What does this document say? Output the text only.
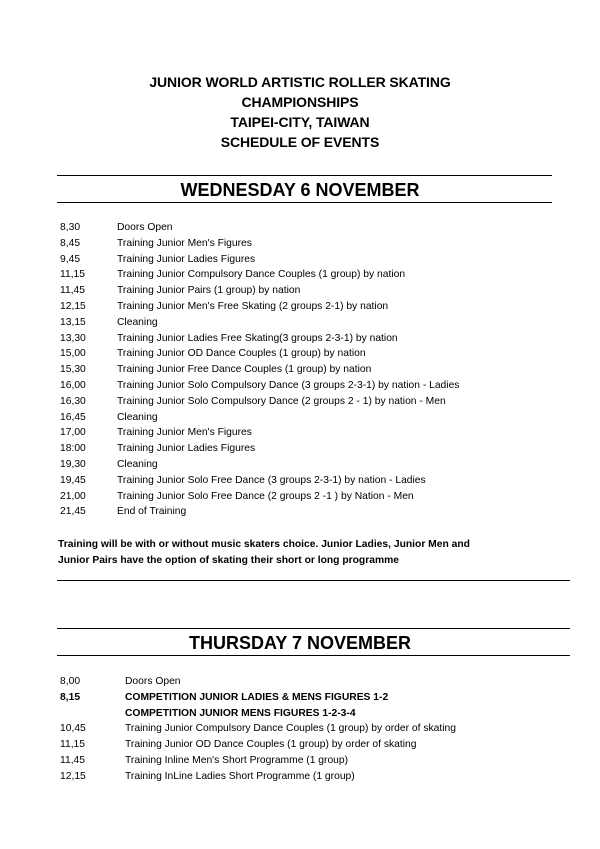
JUNIOR WORLD ARTISTIC ROLLER SKATING
CHAMPIONSHIPS
TAIPEI-CITY, TAIWAN
SCHEDULE OF EVENTS
WEDNESDAY 6 NOVEMBER
8,30	Doors Open
8,45	Training Junior Men's Figures
9,45	Training Junior Ladies Figures
11,15	Training Junior Compulsory Dance Couples (1 group) by nation
11,45	Training Junior Pairs (1 group) by nation
12,15	Training Junior Men's Free Skating (2 groups 2-1) by nation
13,15	Cleaning
13,30	Training Junior Ladies Free Skating(3 groups 2-3-1) by nation
15,00	Training Junior OD Dance Couples (1 group) by nation
15,30	Training Junior Free Dance Couples (1 group) by nation
16,00	Training Junior Solo Compulsory Dance (3 groups 2-3-1) by nation - Ladies
16,30	Training Junior Solo Compulsory Dance (2 groups 2 - 1) by nation - Men
16,45	Cleaning
17,00	Training Junior Men's Figures
18:00	Training Junior Ladies Figures
19,30	Cleaning
19,45	Training Junior Solo Free Dance (3 groups 2-3-1) by nation - Ladies
21,00	Training Junior Solo Free Dance (2 groups 2 -1 ) by Nation - Men
21,45	End of Training
Training will be with or without music skaters choice. Junior Ladies, Junior Men and
Junior Pairs have the option of skating their short or long programme
THURSDAY 7 NOVEMBER
8,00	Doors Open
8,15	COMPETITION JUNIOR LADIES & MENS FIGURES 1-2
COMPETITION JUNIOR MENS FIGURES 1-2-3-4
10,45	Training Junior Compulsory Dance Couples (1 group) by order of skating
11,15	Training Junior OD Dance Couples (1 group) by order of skating
11,45	Training Inline Men's Short Programme (1 group)
12,15	Training InLine Ladies Short Programme (1 group)
